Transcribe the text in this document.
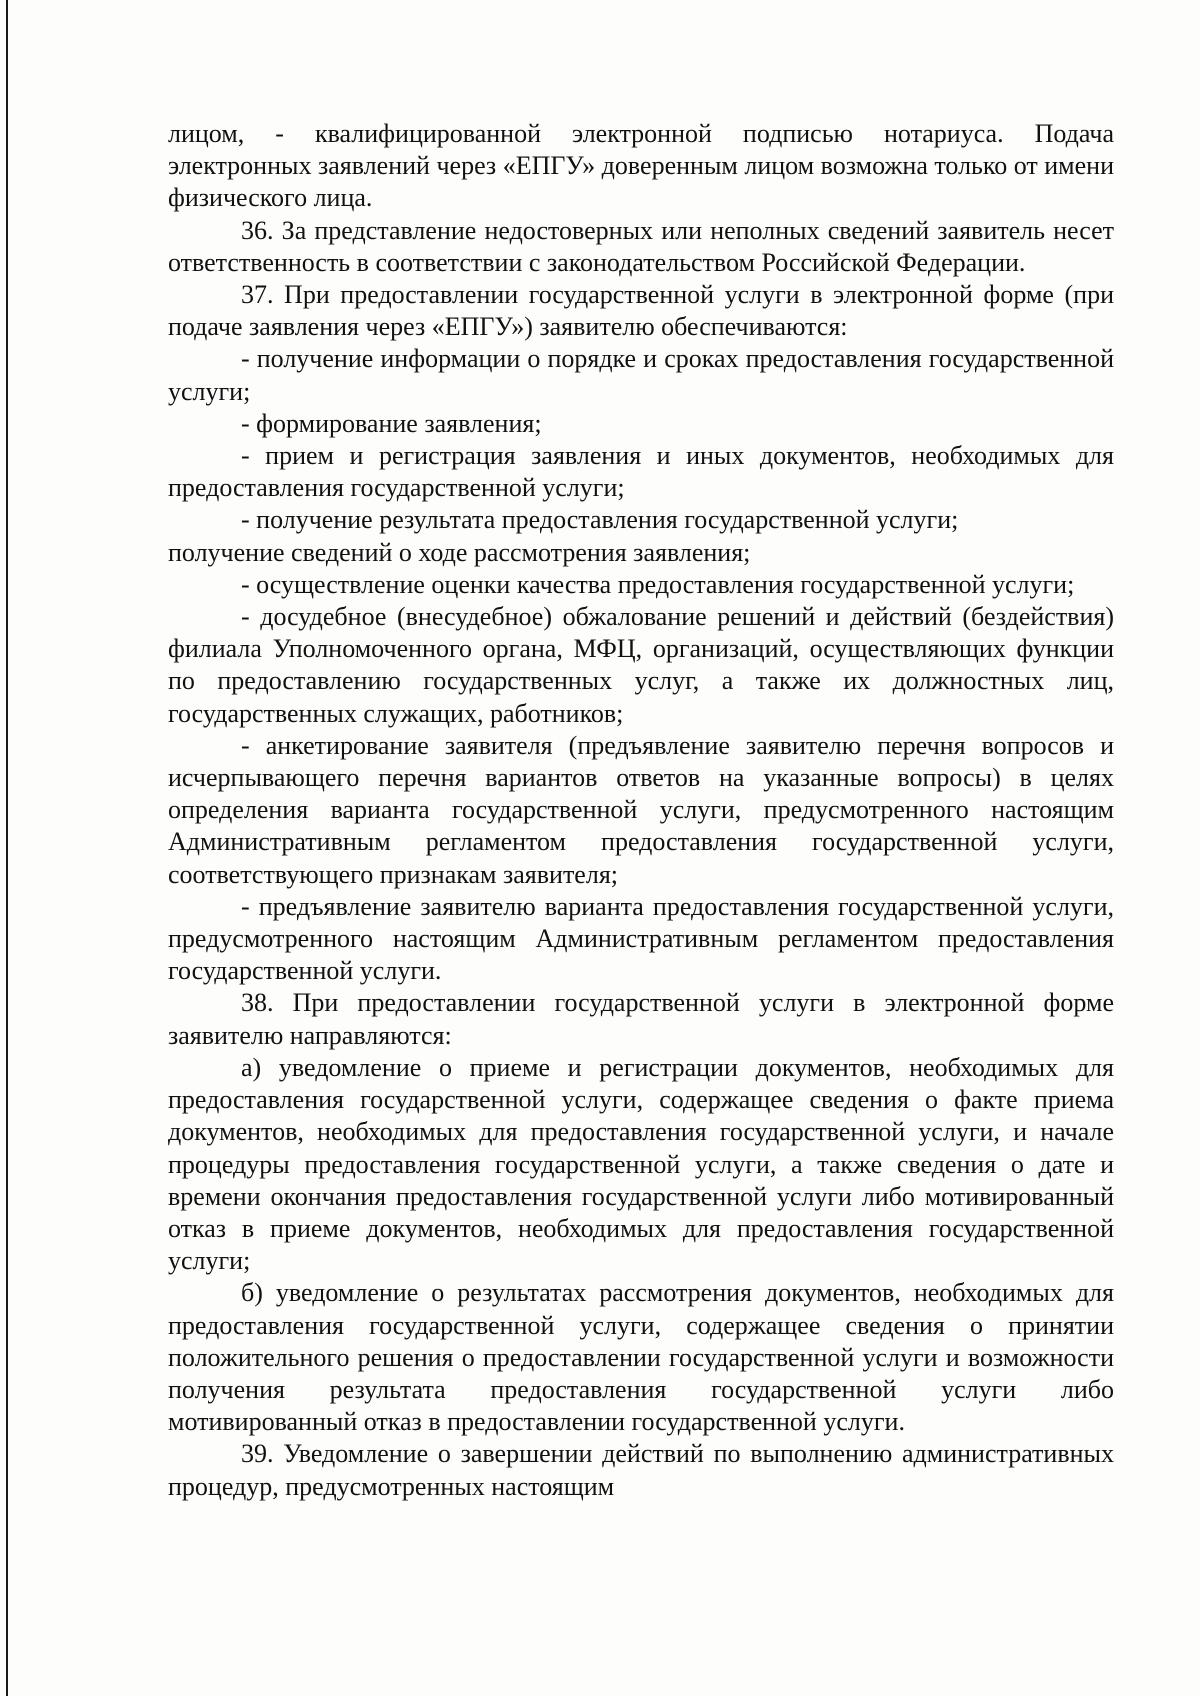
лицом, - квалифицированной электронной подписью нотариуса. Подача электронных заявлений через «ЕПГУ» доверенным лицом возможна только от имени физического лица.

36. За представление недостоверных или неполных сведений заявитель несет ответственность в соответствии с законодательством Российской Федерации.

37. При предоставлении государственной услуги в электронной форме (при подаче заявления через «ЕПГУ») заявителю обеспечиваются:

- получение информации о порядке и сроках предоставления государственной услуги;

- формирование заявления;

- прием и регистрация заявления и иных документов, необходимых для предоставления государственной услуги;

- получение результата предоставления государственной услуги;

получение сведений о ходе рассмотрения заявления;

- осуществление оценки качества предоставления государственной услуги;

- досудебное (внесудебное) обжалование решений и действий (бездействия) филиала Уполномоченного органа, МФЦ, организаций, осуществляющих функции по предоставлению государственных услуг, а также их должностных лиц, государственных служащих, работников;

- анкетирование заявителя (предъявление заявителю перечня вопросов и исчерпывающего перечня вариантов ответов на указанные вопросы) в целях определения варианта государственной услуги, предусмотренного настоящим Административным регламентом предоставления государственной услуги, соответствующего признакам заявителя;

- предъявление заявителю варианта предоставления государственной услуги, предусмотренного настоящим Административным регламентом предоставления государственной услуги.

38. При предоставлении государственной услуги в электронной форме заявителю направляются:

а) уведомление о приеме и регистрации документов, необходимых для предоставления государственной услуги, содержащее сведения о факте приема документов, необходимых для предоставления государственной услуги, и начале процедуры предоставления государственной услуги, а также сведения о дате и времени окончания предоставления государственной услуги либо мотивированный отказ в приеме документов, необходимых для предоставления государственной услуги;

б) уведомление о результатах рассмотрения документов, необходимых для предоставления государственной услуги, содержащее сведения о принятии положительного решения о предоставлении государственной услуги и возможности получения результата предоставления государственной услуги либо мотивированный отказ в предоставлении государственной услуги.

39. Уведомление о завершении действий по выполнению административных процедур, предусмотренных настоящим
